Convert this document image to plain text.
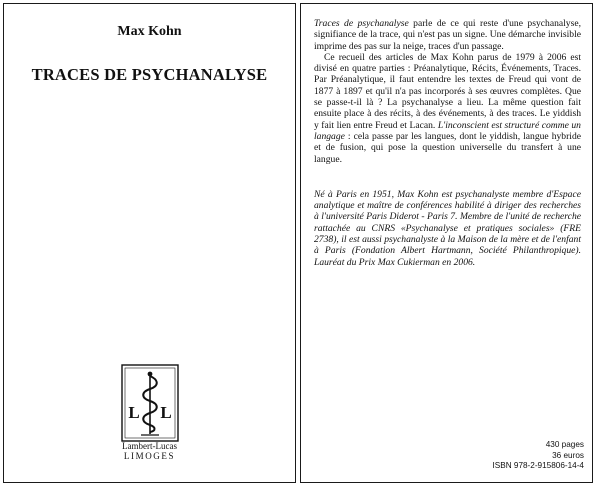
Max Kohn
TRACES DE PSYCHANALYSE
L L
Lambert-Lucas
LIMOGES

Traces de psychanalyse parle de ce qui reste d'une psychanalyse, signifiance de la trace, qui n'est pas un signe. Une démarche invisible imprime des pas sur la neige, traces d'un passage.

Ce recueil des articles de Max Kohn parus de 1979 à 2006 est divisé en quatre parties : Préanalytique, Récits, Événements, Traces. Par Préanalytique, il faut entendre les textes de Freud qui vont de 1877 à 1897 et qu'il n'a pas incorporés à ses œuvres complètes. Que se passe-t-il là ? La psychanalyse a lieu. La même question fait ensuite place à des récits, à des événements, à des traces. Le yiddish y fait lien entre Freud et Lacan. L'inconscient est structuré comme un langage : cela passe par les langues, dont le yiddish, langue hybride et de fusion, qui pose la question universelle du transfert à une langue.

Né à Paris en 1951, Max Kohn est psychanalyste membre d'Espace analytique et maître de conférences habilité à diriger des recherches à l'université Paris Diderot - Paris 7. Membre de l'unité de recherche rattachée au CNRS «Psychanalyse et pratiques sociales» (FRE 2738), il est aussi psychanalyste à la Maison de la mère et de l'enfant à Paris (Fondation Albert Hartmann, Société Philanthropique). Lauréat du Prix Max Cukierman en 2006.

430 pages
36 euros
ISBN 978-2-915806-14-4
